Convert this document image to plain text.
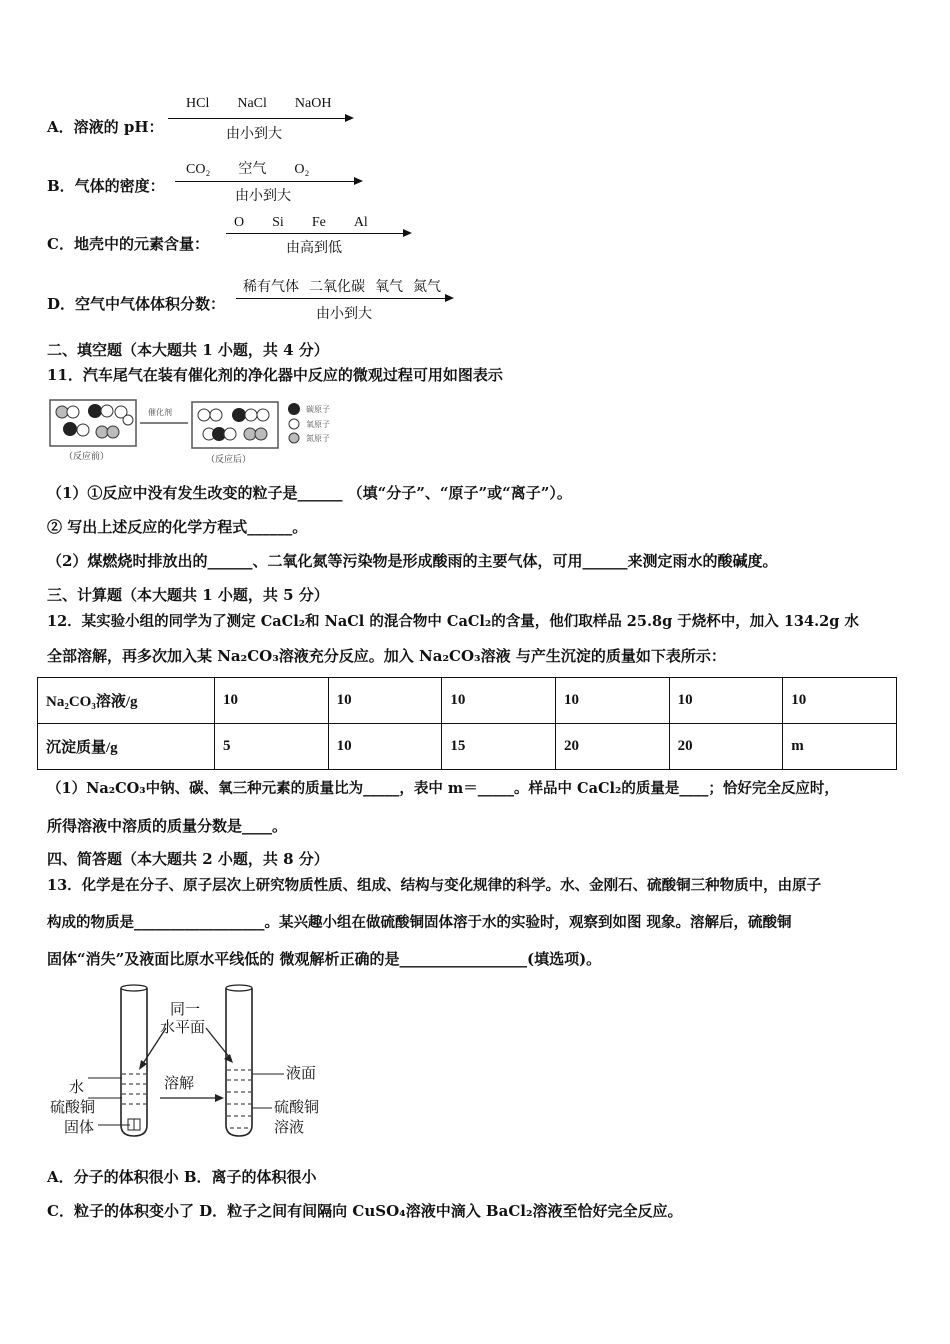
A．溶液的 pH：
HCl NaCl NaOH
由小到大
B．气体的密度：
CO₂ 空气 O₂
由小到大
C．地壳中的元素含量：
O Si Fe Al
由高到低
D．空气中气体体积分数：
稀有气体 二氧化碳 氧气 氮气
由小到大
二、填空题（本大题共 1 小题，共 4 分）
11．汽车尾气在装有催化剂的净化器中反应的微观过程可用如图表示
催化剂	碳原子
氧原子
氮原子
（反应前）	（反应后）
（1）①反应中没有发生改变的粒子是______ （填“分子”、“原子”或“离子”）。
② 写出上述反应的化学方程式______。
（2）煤燃烧时排放出的______、二氧化氮等污染物是形成酸雨的主要气体，可用______来测定雨水的酸碱度。
三、计算题（本大题共 1 小题，共 5 分）
12．某实验小组的同学为了测定 CaCl₂和 NaCl 的混合物中 CaCl₂的含量，他们取样品 25.8g 于烧杯中，加入 134.2g 水
全部溶解，再多次加入某 Na₂CO₃溶液充分反应。加入 Na₂CO₃溶液 与产生沉淀的质量如下表所示：
Na₂CO₃溶液/g	10	10	10	10	10	10
沉淀质量/g	5	10	15	20	20	m
（1）Na₂CO₃中钠、碳、氧三种元素的质量比为_____，表中 m＝_____。样品中 CaCl₂的质量是____；恰好完全反应时，
所得溶液中溶质的质量分数是____。
四、简答题（本大题共 2 小题，共 8 分）
13．化学是在分子、原子层次上研究物质性质、组成、结构与变化规律的科学。水、金刚石、硫酸铜三种物质中，由原子
构成的物质是__________________。某兴趣小组在做硫酸铜固体溶于水的实验时，观察到如图 现象。溶解后，硫酸铜
固体“消失”及液面比原水平线低的 微观解析正确的是_________________(填选项)。
水
硫酸铜
固体
同一
水平面
溶解
液面
硫酸铜
溶液
A．分子的体积很小 B．离子的体积很小
C．粒子的体积变小了 D．粒子之间有间隔向 CuSO₄溶液中滴入 BaCl₂溶液至恰好完全反应。
